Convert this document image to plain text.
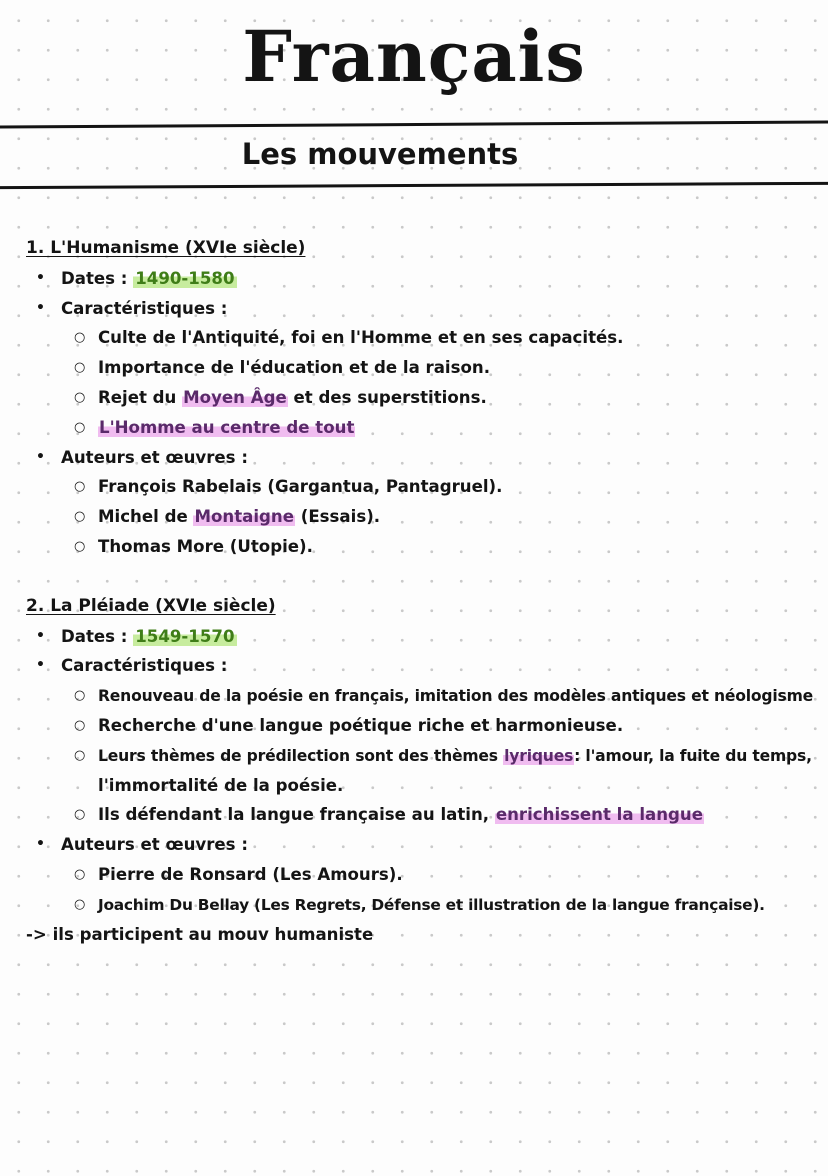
Français
Les mouvements
1. L'Humanisme (XVIe siècle)
• Dates : 1490-1580
• Caractéristiques :
○ Culte de l'Antiquité, foi en l'Homme et en ses capacités.
○ Importance de l'éducation et de la raison.
○ Rejet du Moyen Âge et des superstitions.
○ L'Homme au centre de tout
• Auteurs et œuvres :
○ François Rabelais (Gargantua, Pantagruel).
○ Michel de Montaigne (Essais).
○ Thomas More (Utopie).
2. La Pléiade (XVIe siècle)
• Dates : 1549-1570
• Caractéristiques :
○ Renouveau de la poésie en français, imitation des modèles antiques et néologisme
○ Recherche d'une langue poétique riche et harmonieuse.
○ Leurs thèmes de prédilection sont des thèmes lyriques: l'amour, la fuite du temps,
l'immortalité de la poésie.
○ Ils défendant la langue française au latin, enrichissent la langue
• Auteurs et œuvres :
○ Pierre de Ronsard (Les Amours).
○ Joachim Du Bellay (Les Regrets, Défense et illustration de la langue française).
-> ils participent au mouv humaniste
